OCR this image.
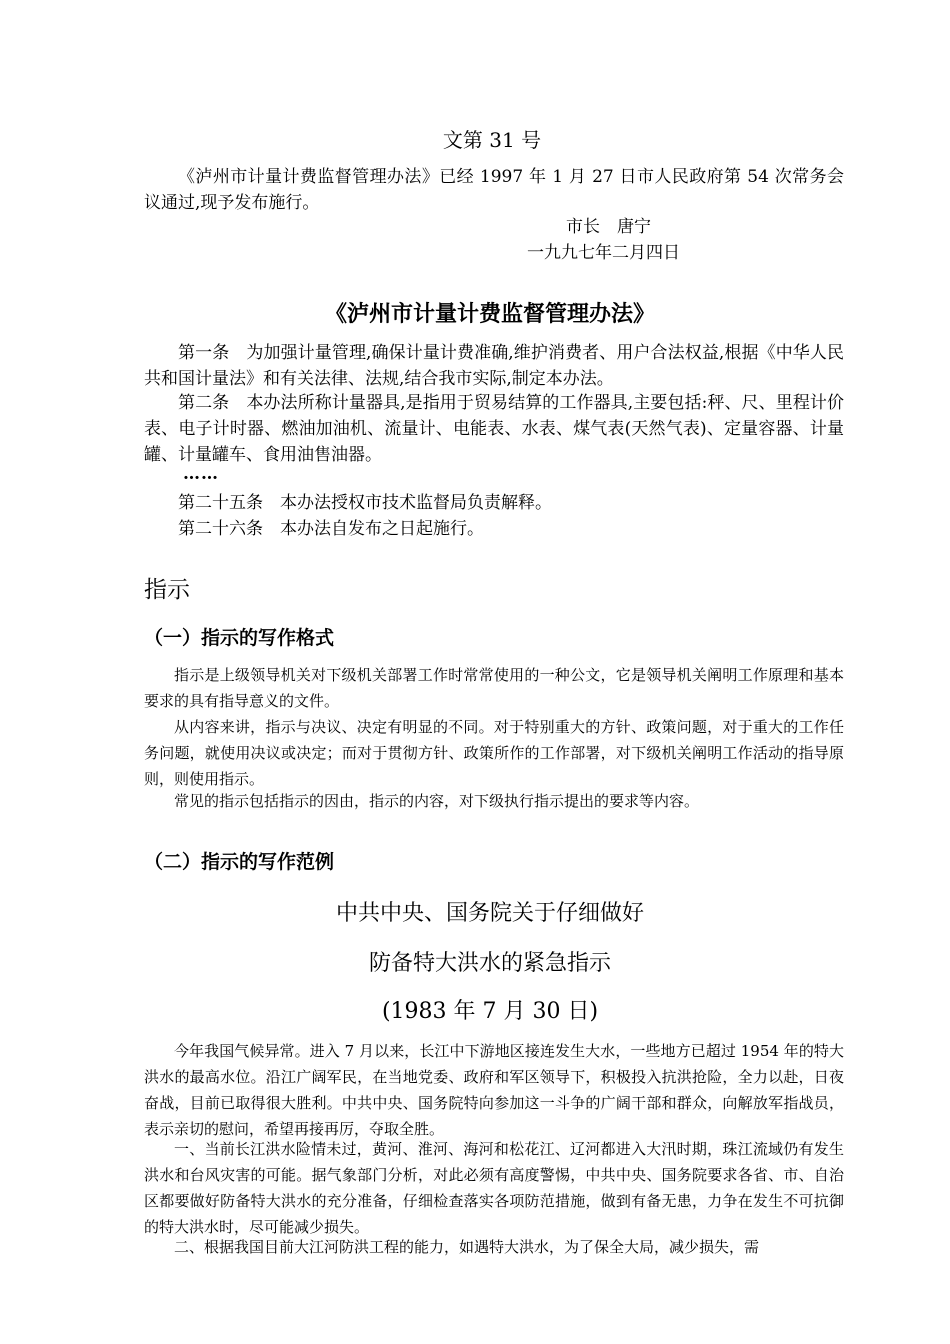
文第 31 号
《泸州市计量计费监督管理办法》已经 1997 年 1 月 27 日市人民政府第 54 次常务会议通过,现予发布施行。
市长　唐宁
一九九七年二月四日
《泸州市计量计费监督管理办法》
第一条　为加强计量管理,确保计量计费准确,维护消费者、用户合法权益,根据《中华人民共和国计量法》和有关法律、法规,结合我市实际,制定本办法。
第二条　本办法所称计量器具,是指用于贸易结算的工作器具,主要包括:秤、尺、里程计价表、电子计时器、燃油加油机、流量计、电能表、水表、煤气表(天然气表)、定量容器、计量罐、计量罐车、食用油售油器。
……
第二十五条　本办法授权市技术监督局负责解释。
第二十六条　本办法自发布之日起施行。
指示
（一）指示的写作格式
指示是上级领导机关对下级机关部署工作时常常使用的一种公文，它是领导机关阐明工作原理和基本要求的具有指导意义的文件。
从内容来讲，指示与决议、决定有明显的不同。对于特别重大的方针、政策问题，对于重大的工作任务问题，就使用决议或决定；而对于贯彻方针、政策所作的工作部署，对下级机关阐明工作活动的指导原则，则使用指示。
常见的指示包括指示的因由，指示的内容，对下级执行指示提出的要求等内容。
（二）指示的写作范例
中共中央、国务院关于仔细做好
防备特大洪水的紧急指示
(1983 年 7 月 30 日)
今年我国气候异常。进入 7 月以来，长江中下游地区接连发生大水，一些地方已超过 1954 年的特大洪水的最高水位。沿江广阔军民，在当地党委、政府和军区领导下，积极投入抗洪抢险，全力以赴，日夜奋战，目前已取得很大胜利。中共中央、国务院特向参加这一斗争的广阔干部和群众，向解放军指战员，表示亲切的慰问，希望再接再厉，夺取全胜。
一、当前长江洪水险情未过，黄河、淮河、海河和松花江、辽河都进入大汛时期，珠江流域仍有发生洪水和台风灾害的可能。据气象部门分析，对此必须有高度警惕，中共中央、国务院要求各省、市、自治区都要做好防备特大洪水的充分准备，仔细检查落实各项防范措施，做到有备无患，力争在发生不可抗御的特大洪水时，尽可能减少损失。
二、根据我国目前大江河防洪工程的能力，如遇特大洪水，为了保全大局，减少损失，需
